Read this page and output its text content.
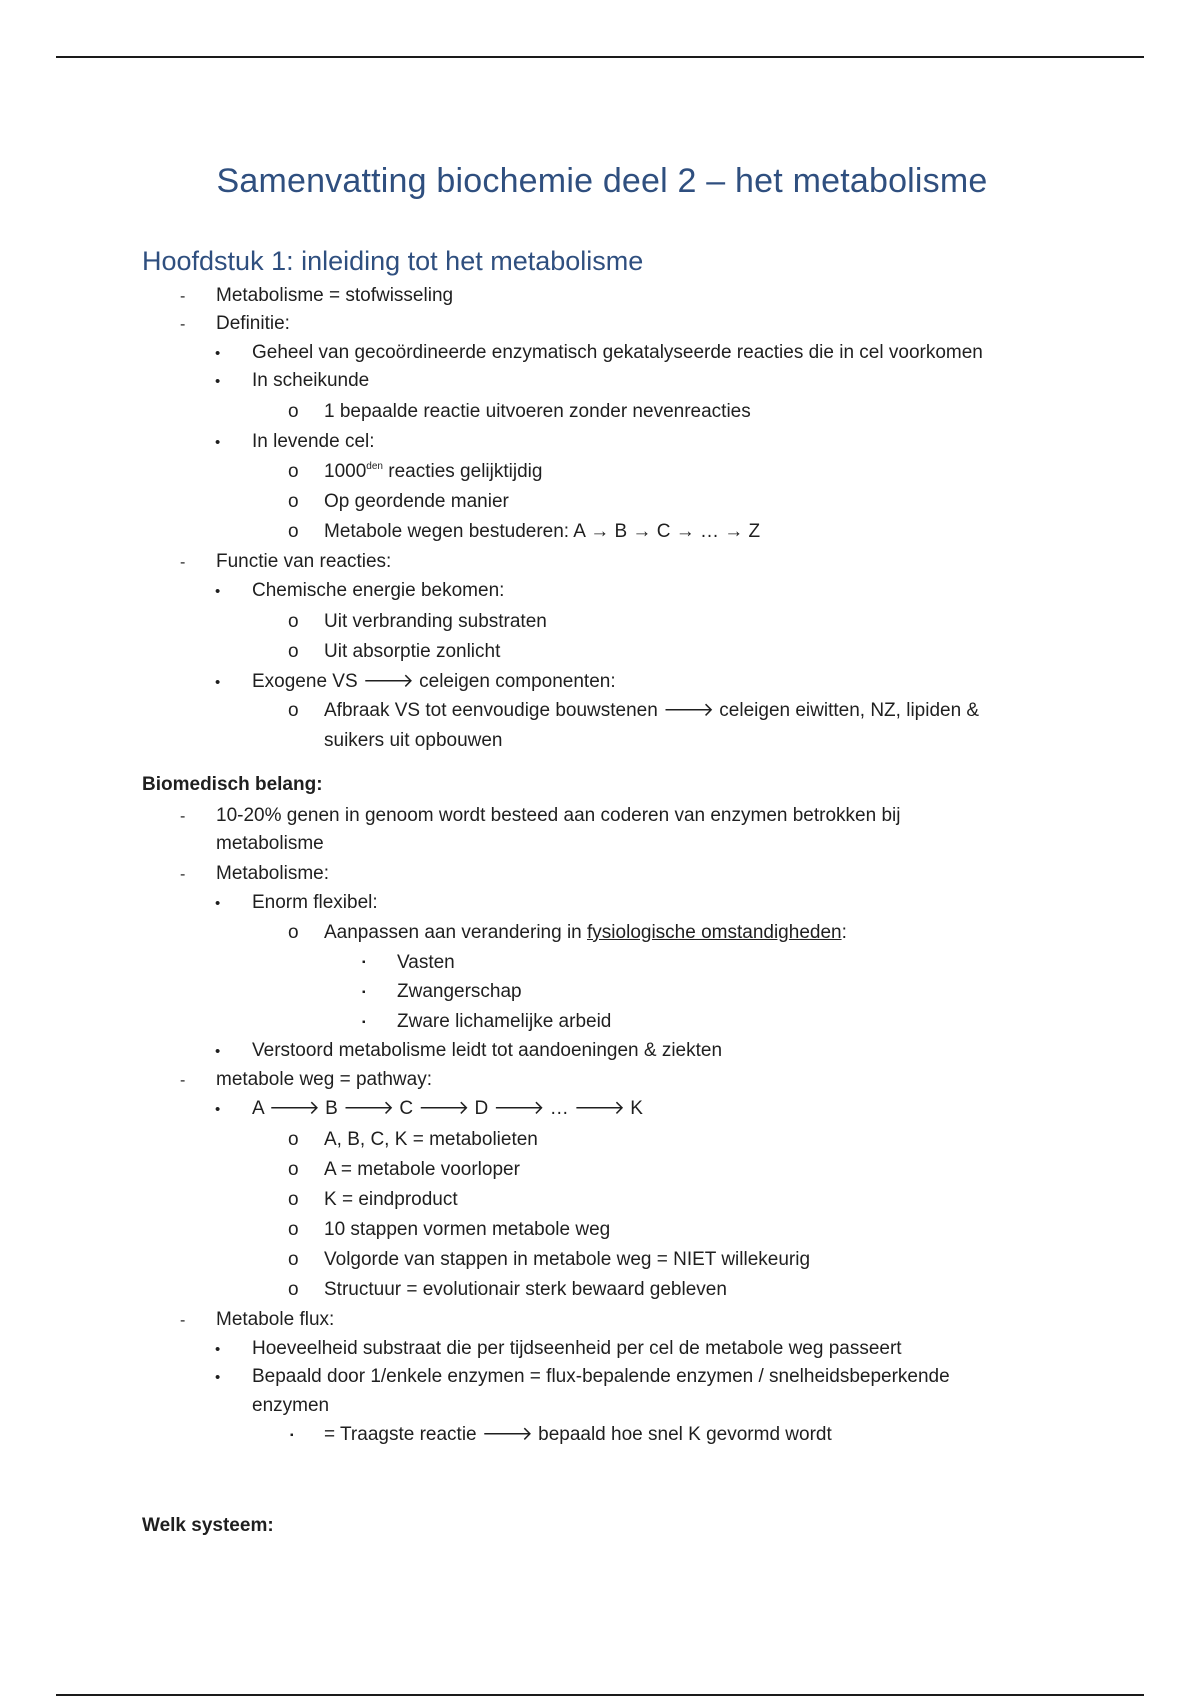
Samenvatting biochemie deel 2 – het metabolisme
Hoofdstuk 1: inleiding tot het metabolisme
- Metabolisme = stofwisseling
- Definitie:
• Geheel van gecoördineerde enzymatisch gekatalyseerde reacties die in cel voorkomen
• In scheikunde
o 1 bepaalde reactie uitvoeren zonder nevenreacties
• In levende cel:
o $1000^{den}$ reacties gelijktijdig
o Op geordende manier
o Metabole wegen bestuderen: A → B → C → … → Z
- Functie van reacties:
• Chemische energie bekomen:
o Uit verbranding substraten
o Uit absorptie zonlicht
• Exogene VS 🡒 celeigen componenten:
o Afbraak VS tot eenvoudige bouwstenen 🡒 celeigen eiwitten, NZ, lipiden &
suikers uit opbouwen
Biomedisch belang:
- 10-20% genen in genoom wordt besteed aan coderen van enzymen betrokken bij
metabolisme
- Metabolisme:
• Enorm flexibel:
o Aanpassen aan verandering in fysiologische omstandigheden:
▪ Vasten
▪ Zwangerschap
▪ Zware lichamelijke arbeid
• Verstoord metabolisme leidt tot aandoeningen & ziekten
- metabole weg = pathway:
• A 🡒 B 🡒 C 🡒 D 🡒 … 🡒 K
o A, B, C, K = metabolieten
o A = metabole voorloper
o K = eindproduct
o 10 stappen vormen metabole weg
o Volgorde van stappen in metabole weg = NIET willekeurig
o Structuur = evolutionair sterk bewaard gebleven
- Metabole flux:
• Hoeveelheid substraat die per tijdseenheid per cel de metabole weg passeert
• Bepaald door 1/enkele enzymen = flux-bepalende enzymen / snelheidsbeperkende
enzymen
▪ = Traagste reactie 🡒 bepaald hoe snel K gevormd wordt
Welk systeem:
